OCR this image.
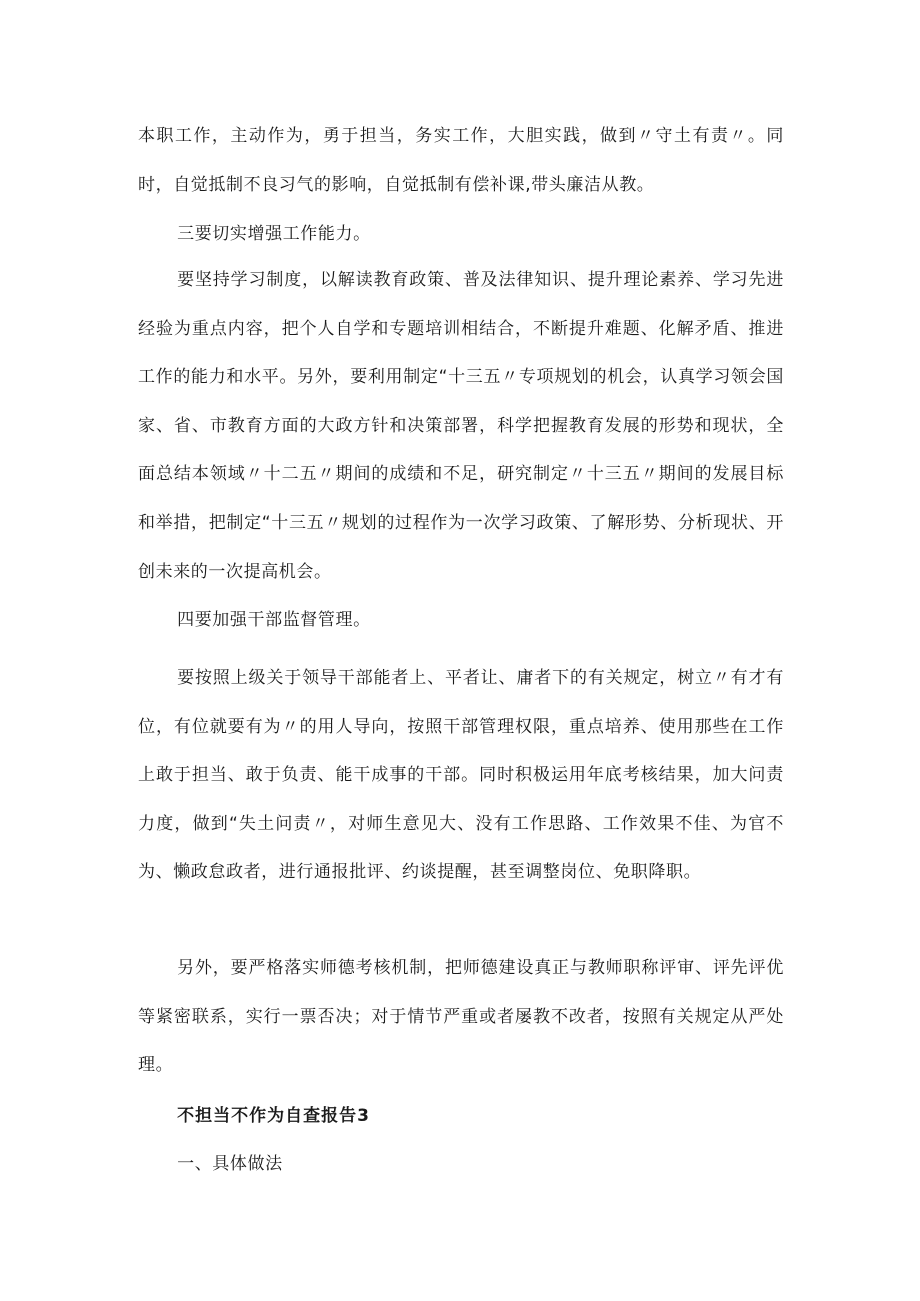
本职工作，主动作为，勇于担当，务实工作，大胆实践，做到〃守土有责〃。同时，自觉抵制不良习气的影响，自觉抵制有偿补课,带头廉洁从教。

三要切实增强工作能力。

要坚持学习制度，以解读教育政策、普及法律知识、提升理论素养、学习先进经验为重点内容，把个人自学和专题培训相结合，不断提升难题、化解矛盾、推进工作的能力和水平。另外，要利用制定“十三五〃专项规划的机会，认真学习领会国家、省、市教育方面的大政方针和决策部署，科学把握教育发展的形势和现状，全面总结本领域〃十二五〃期间的成绩和不足，研究制定〃十三五〃期间的发展目标和举措，把制定“十三五〃规划的过程作为一次学习政策、了解形势、分析现状、开创未来的一次提高机会。

四要加强干部监督管理。

要按照上级关于领导干部能者上、平者让、庸者下的有关规定，树立〃有才有位，有位就要有为〃的用人导向，按照干部管理权限，重点培养、使用那些在工作上敢于担当、敢于负责、能干成事的干部。同时积极运用年底考核结果，加大问责力度，做到“失土问责〃，对师生意见大、没有工作思路、工作效果不佳、为官不为、懒政怠政者，进行通报批评、约谈提醒，甚至调整岗位、免职降职。

另外，要严格落实师德考核机制，把师德建设真正与教师职称评审、评先评优等紧密联系，实行一票否决；对于情节严重或者屡教不改者，按照有关规定从严处理。

不担当不作为自查报告3

一、具体做法
